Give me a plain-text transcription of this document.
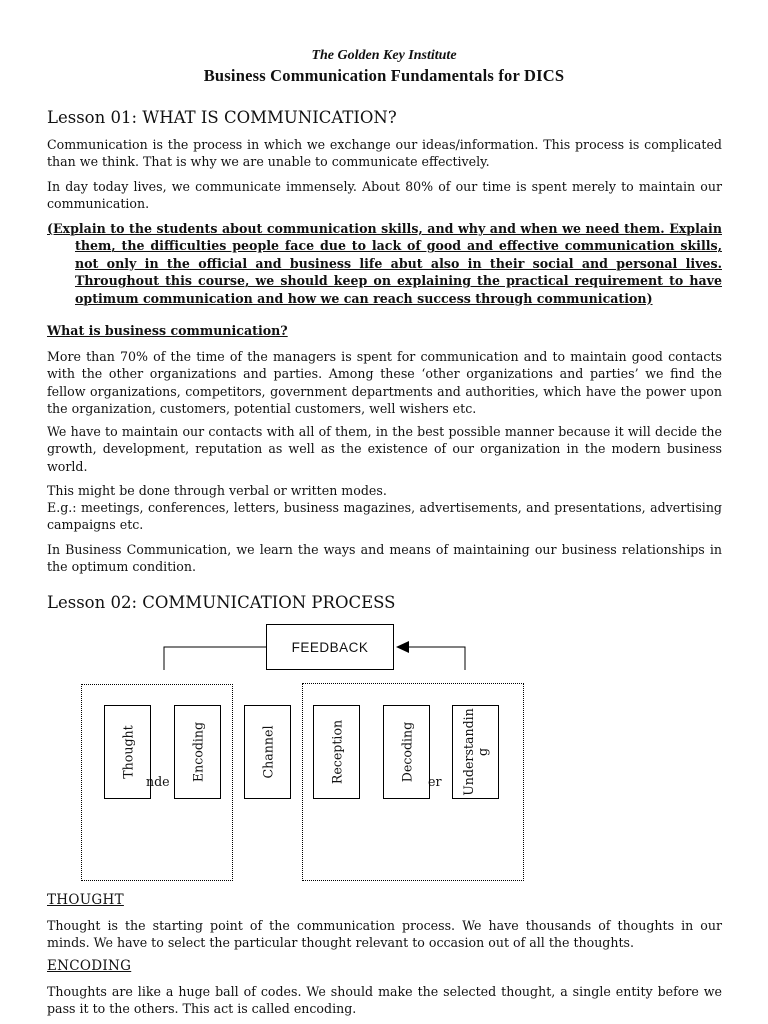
The Golden Key Institute
Business Communication Fundamentals for DICS
Lesson 01: WHAT IS COMMUNICATION?

Communication is the process in which we exchange our ideas/information. This process is complicated than we think. That is why we are unable to communicate effectively.

In day today lives, we communicate immensely. About 80% of our time is spent merely to maintain our communication.

(Explain to the students about communication skills, and why and when we need them. Explain them, the difficulties people face due to lack of good and effective communication skills, not only in the official and business life abut also in their social and personal lives. Throughout this course, we should keep on explaining the practical requirement to have optimum communication and how we can reach success through communication)

What is business communication?

More than 70% of the time of the managers is spent for communication and to maintain good contacts with the other organizations and parties. Among these ‘other organizations and parties’ we find the fellow organizations, competitors, government departments and authorities, which have the power upon the organization, customers, potential customers, well wishers etc.

We have to maintain our contacts with all of them, in the best possible manner because it will decide the growth, development, reputation as well as the existence of our organization in the modern business world.

This might be done through verbal or written modes.

E.g.: meetings, conferences, letters, business magazines, advertisements, and presentations, advertising campaigns etc.

In Business Communication, we learn the ways and means of maintaining our business relationships in the optimum condition.

Lesson 02: COMMUNICATION PROCESS
nde	er
FEEDBACK
Thought	Encoding	Channel	Reception	Decoding	Understandin
g
THOUGHT

Thought is the starting point of the communication process. We have thousands of thoughts in our minds. We have to select the particular thought relevant to occasion out of all the thoughts.

ENCODING

Thoughts are like a huge ball of codes. We should make the selected thought, a single entity before we pass it to the others. This act is called encoding.
